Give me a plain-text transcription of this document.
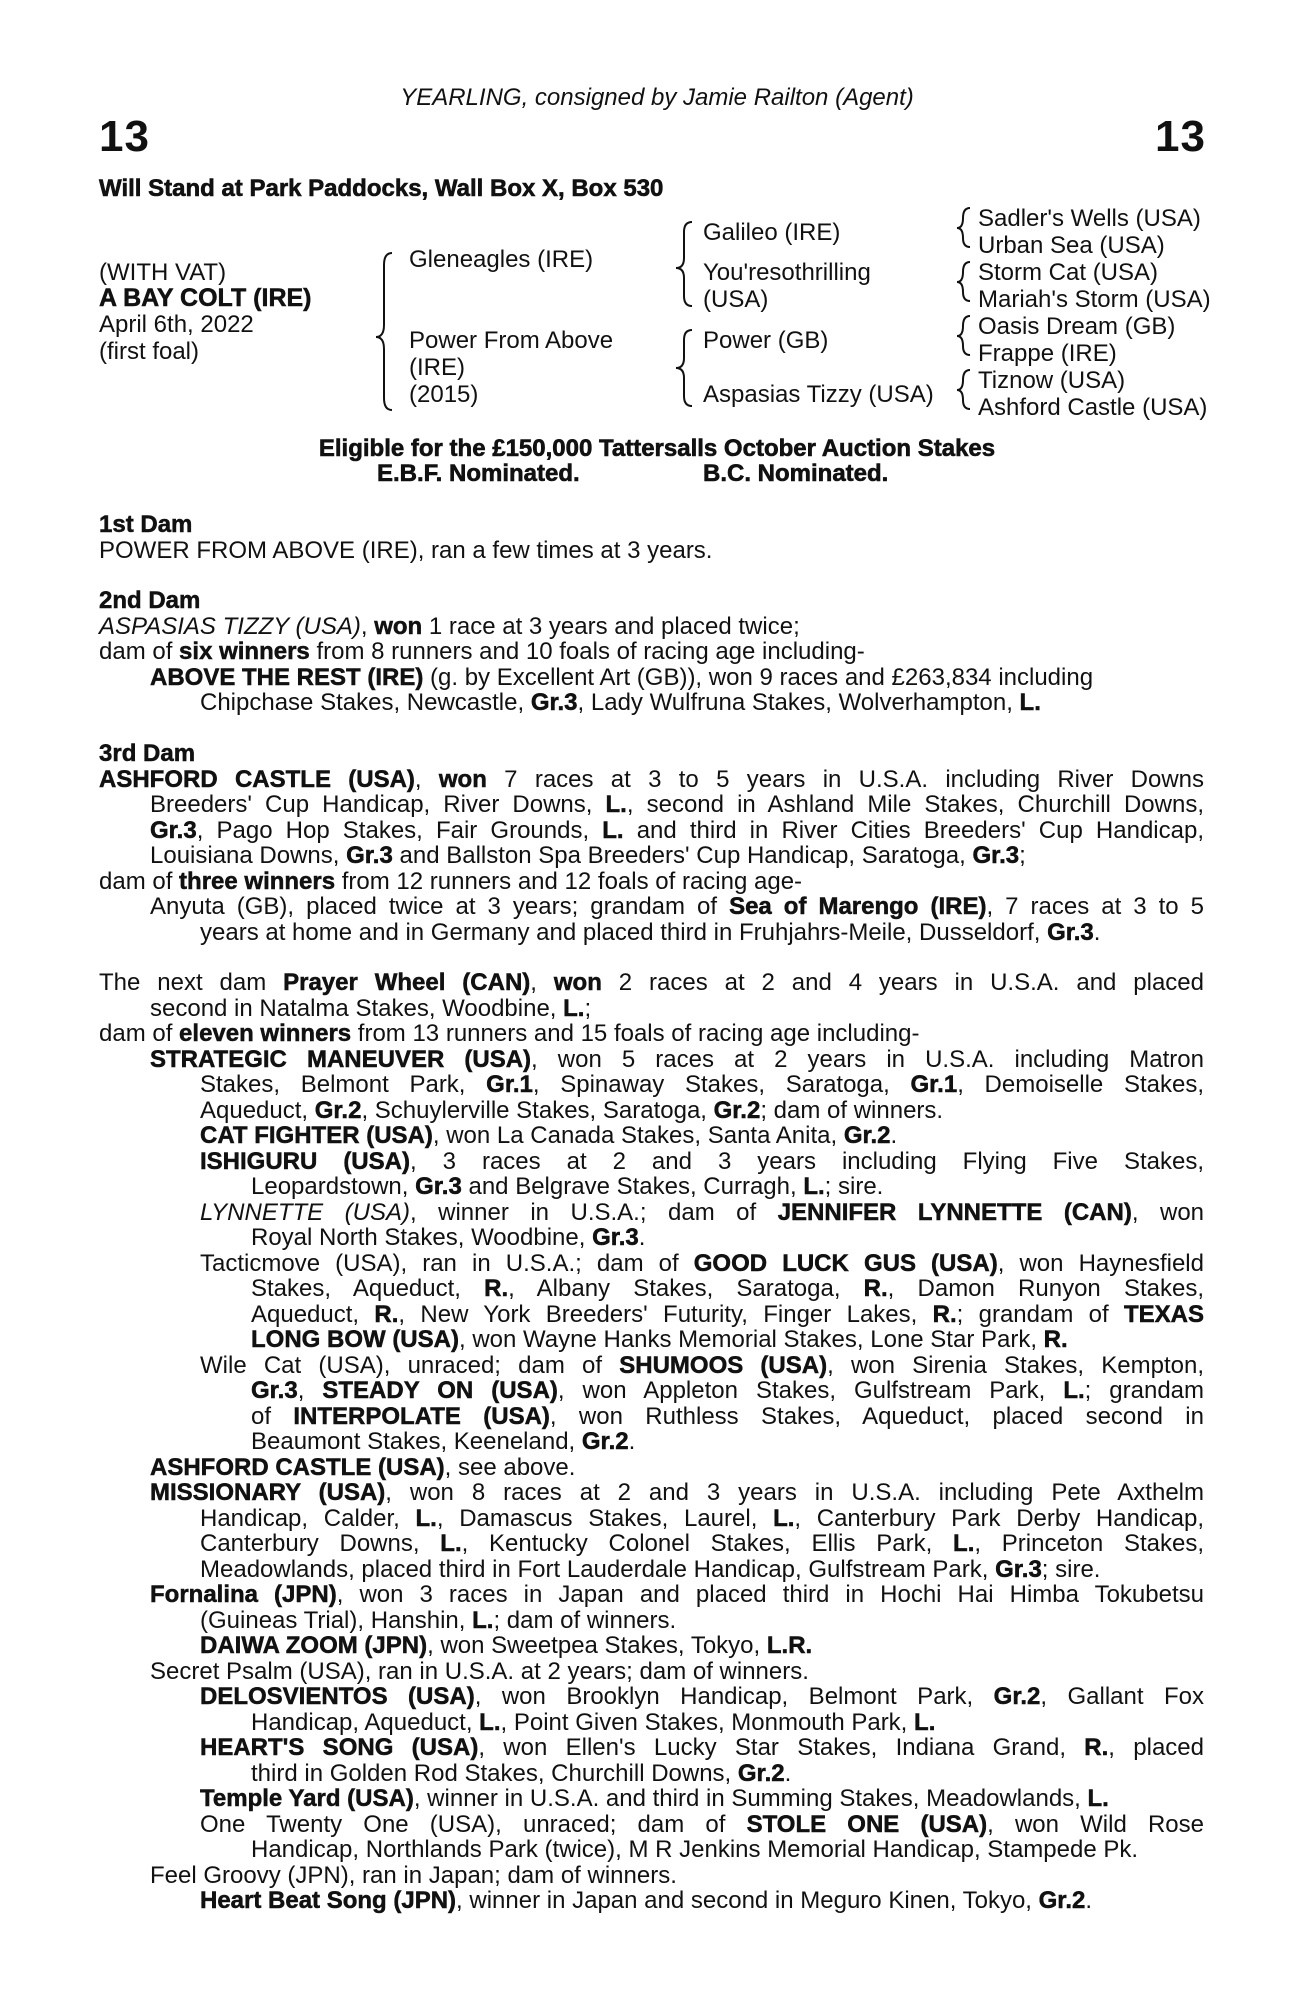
YEARLING, consigned by Jamie Railton (Agent)
13	13
Will Stand at Park Paddocks, Wall Box X, Box 530
(WITH VAT)
A BAY COLT (IRE)
April 6th, 2022
(first foal)
Gleneagles (IRE)
Power From Above
(IRE)
(2015)
Galileo (IRE)
You'resothrilling
(USA)
Power (GB)
Aspasias Tizzy (USA)
Sadler's Wells (USA)
Urban Sea (USA)
Storm Cat (USA)
Mariah's Storm (USA)
Oasis Dream (GB)
Frappe (IRE)
Tiznow (USA)
Ashford Castle (USA)
Eligible for the £150,000 Tattersalls October Auction Stakes
E.B.F. Nominated.	B.C. Nominated.
1st Dam
POWER FROM ABOVE (IRE), ran a few times at 3 years.
2nd Dam
ASPASIAS TIZZY (USA), won 1 race at 3 years and placed twice;
dam of six winners from 8 runners and 10 foals of racing age including-
ABOVE THE REST (IRE) (g. by Excellent Art (GB)), won 9 races and £263,834 including
Chipchase Stakes, Newcastle, Gr.3, Lady Wulfruna Stakes, Wolverhampton, L.
3rd Dam
ASHFORD CASTLE (USA), won 7 races at 3 to 5 years in U.S.A. including River Downs
Breeders' Cup Handicap, River Downs, L., second in Ashland Mile Stakes, Churchill Downs,
Gr.3, Pago Hop Stakes, Fair Grounds, L. and third in River Cities Breeders' Cup Handicap,
Louisiana Downs, Gr.3 and Ballston Spa Breeders' Cup Handicap, Saratoga, Gr.3;
dam of three winners from 12 runners and 12 foals of racing age-
Anyuta (GB), placed twice at 3 years; grandam of Sea of Marengo (IRE), 7 races at 3 to 5
years at home and in Germany and placed third in Fruhjahrs-Meile, Dusseldorf, Gr.3.
The next dam Prayer Wheel (CAN), won 2 races at 2 and 4 years in U.S.A. and placed
second in Natalma Stakes, Woodbine, L.;
dam of eleven winners from 13 runners and 15 foals of racing age including-
STRATEGIC MANEUVER (USA), won 5 races at 2 years in U.S.A. including Matron
Stakes, Belmont Park, Gr.1, Spinaway Stakes, Saratoga, Gr.1, Demoiselle Stakes,
Aqueduct, Gr.2, Schuylerville Stakes, Saratoga, Gr.2; dam of winners.
CAT FIGHTER (USA), won La Canada Stakes, Santa Anita, Gr.2.
ISHIGURU (USA), 3 races at 2 and 3 years including Flying Five Stakes,
Leopardstown, Gr.3 and Belgrave Stakes, Curragh, L.; sire.
LYNNETTE (USA), winner in U.S.A.; dam of JENNIFER LYNNETTE (CAN), won
Royal North Stakes, Woodbine, Gr.3.
Tacticmove (USA), ran in U.S.A.; dam of GOOD LUCK GUS (USA), won Haynesfield
Stakes, Aqueduct, R., Albany Stakes, Saratoga, R., Damon Runyon Stakes,
Aqueduct, R., New York Breeders' Futurity, Finger Lakes, R.; grandam of TEXAS
LONG BOW (USA), won Wayne Hanks Memorial Stakes, Lone Star Park, R.
Wile Cat (USA), unraced; dam of SHUMOOS (USA), won Sirenia Stakes, Kempton,
Gr.3, STEADY ON (USA), won Appleton Stakes, Gulfstream Park, L.; grandam
of INTERPOLATE (USA), won Ruthless Stakes, Aqueduct, placed second in
Beaumont Stakes, Keeneland, Gr.2.
ASHFORD CASTLE (USA), see above.
MISSIONARY (USA), won 8 races at 2 and 3 years in U.S.A. including Pete Axthelm
Handicap, Calder, L., Damascus Stakes, Laurel, L., Canterbury Park Derby Handicap,
Canterbury Downs, L., Kentucky Colonel Stakes, Ellis Park, L., Princeton Stakes,
Meadowlands, placed third in Fort Lauderdale Handicap, Gulfstream Park, Gr.3; sire.
Fornalina (JPN), won 3 races in Japan and placed third in Hochi Hai Himba Tokubetsu
(Guineas Trial), Hanshin, L.; dam of winners.
DAIWA ZOOM (JPN), won Sweetpea Stakes, Tokyo, L.R.
Secret Psalm (USA), ran in U.S.A. at 2 years; dam of winners.
DELOSVIENTOS (USA), won Brooklyn Handicap, Belmont Park, Gr.2, Gallant Fox
Handicap, Aqueduct, L., Point Given Stakes, Monmouth Park, L.
HEART'S SONG (USA), won Ellen's Lucky Star Stakes, Indiana Grand, R., placed
third in Golden Rod Stakes, Churchill Downs, Gr.2.
Temple Yard (USA), winner in U.S.A. and third in Summing Stakes, Meadowlands, L.
One Twenty One (USA), unraced; dam of STOLE ONE (USA), won Wild Rose
Handicap, Northlands Park (twice), M R Jenkins Memorial Handicap, Stampede Pk.
Feel Groovy (JPN), ran in Japan; dam of winners.
Heart Beat Song (JPN), winner in Japan and second in Meguro Kinen, Tokyo, Gr.2.
